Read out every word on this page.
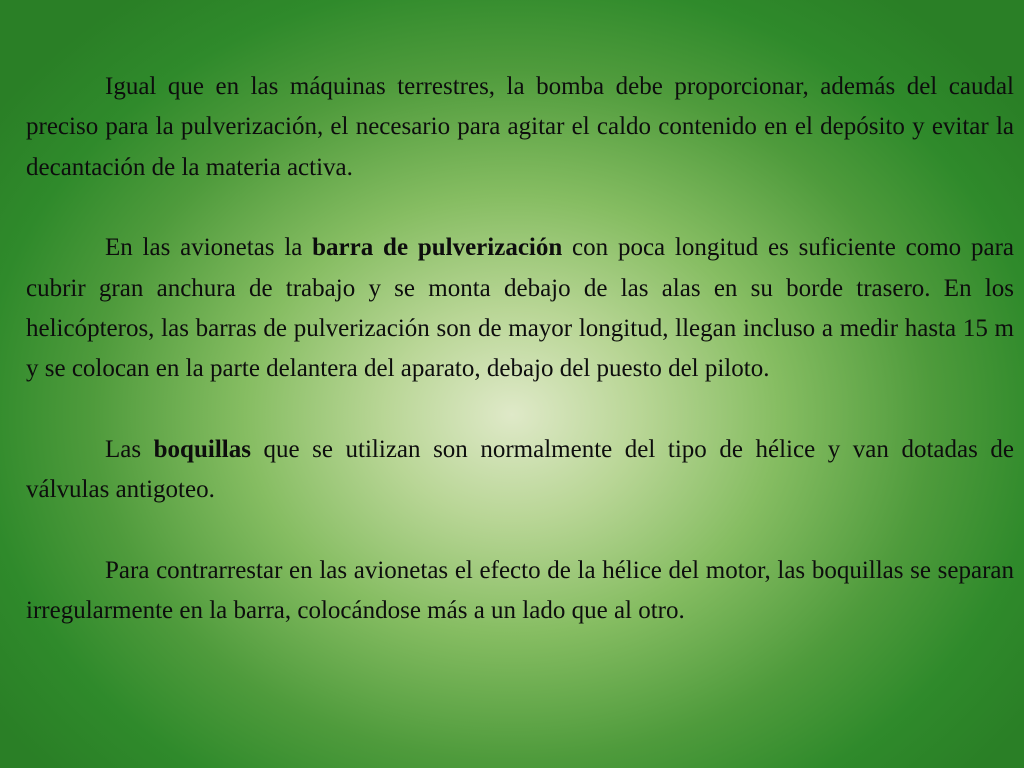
Igual que en las máquinas terrestres, la bomba debe proporcionar, además del caudal preciso para la pulverización, el necesario para agitar el caldo contenido en el depósito y evitar la decantación de la materia activa.

En las avionetas la barra de pulverización con poca longitud es suficiente como para cubrir gran anchura de trabajo y se monta debajo de las alas en su borde trasero. En los helicópteros, las barras de pulverización son de mayor longitud, llegan incluso a medir hasta 15 m y se colocan en la parte delantera del aparato, debajo del puesto del piloto.

Las boquillas que se utilizan son normalmente del tipo de hélice y van dotadas de válvulas antigoteo.

Para contrarrestar en las avionetas el efecto de la hélice del motor, las boquillas se separan irregularmente en la barra, colocándose más a un lado que al otro.
